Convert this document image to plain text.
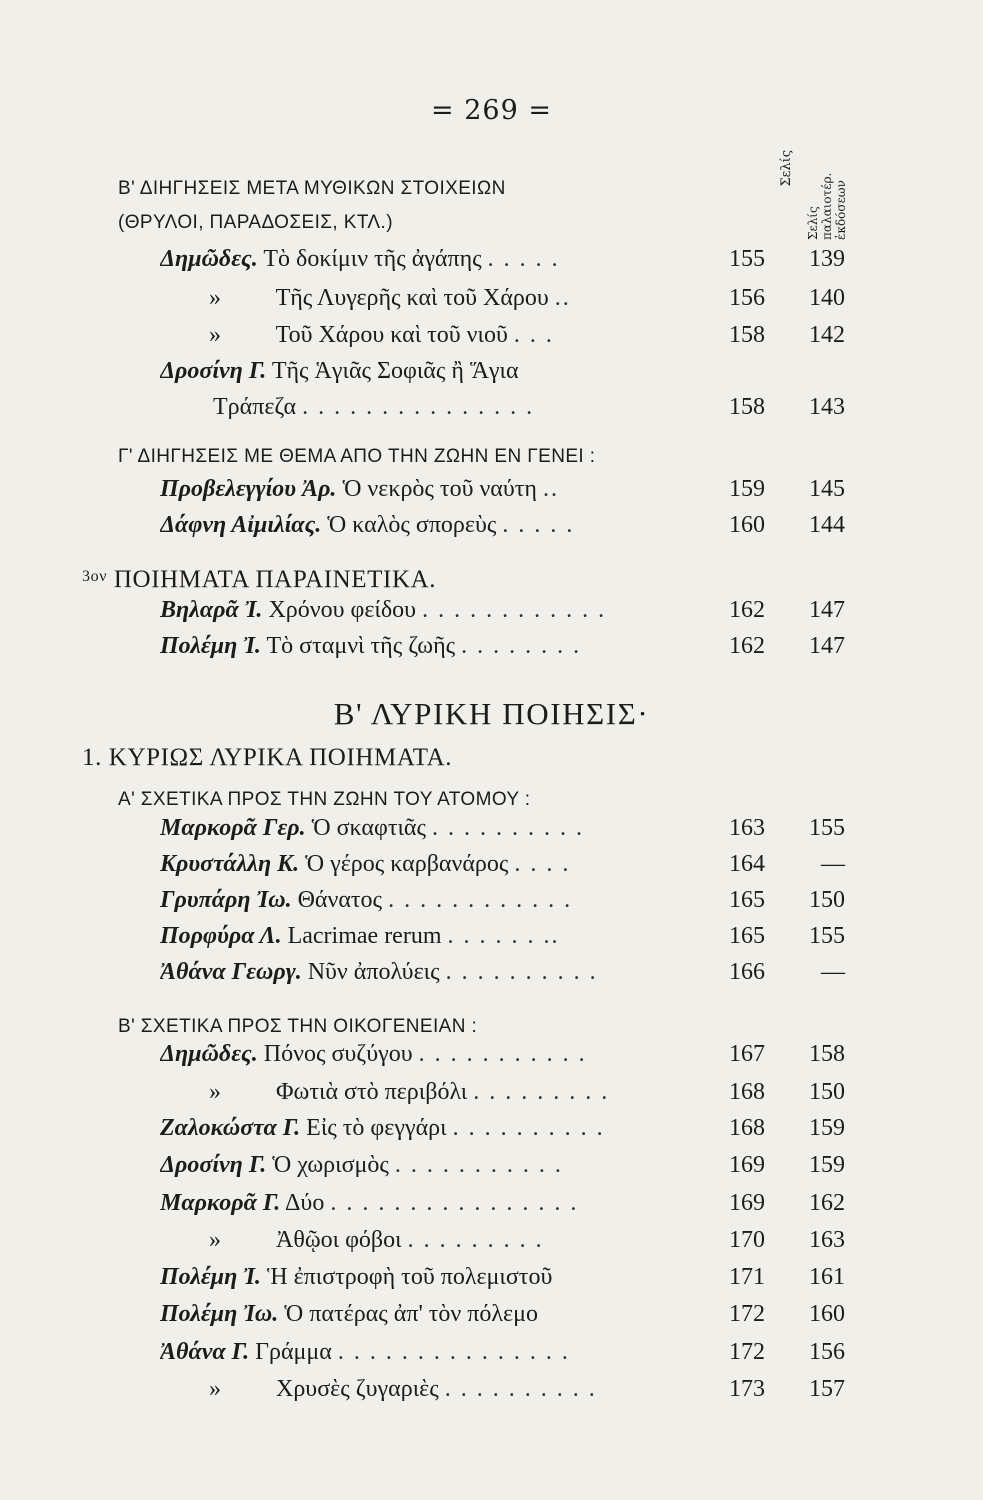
= 269 =
Σελίς
Σελίς παλαιοτέρ. ἐκδόσεων
Β' ΔΙΗΓΗΣΕΙΣ ΜΕΤΑ ΜΥΘΙΚΩΝ ΣΤΟΙΧΕΙΩΝ
(ΘΡΥΛΟΙ, ΠΑΡΑΔΟΣΕΙΣ, ΚΤΛ.)
Δημῶδες. Τὸ δοκίμιν τῆς ἀγάπης . . . . .	155	139
» Τῆς Λυγερῆς καὶ τοῦ Χάρου ..	156	140
» Τοῦ Χάρου καὶ τοῦ νιοῦ . . .	158	142
Δροσίνη Γ. Τῆς Ἁγιᾶς Σοφιᾶς ἢ Ἅγια
Τράπεζα . . . . . . . . . . . . . . .	158	143
Γ' ΔΙΗΓΗΣΕΙΣ ΜΕ ΘΕΜΑ ΑΠΟ ΤΗΝ ΖΩΗΝ ΕΝ ΓΕΝΕΙ :
Προβελεγγίου Ἀρ. Ὁ νεκρὸς τοῦ ναύτη ..	159	145
Δάφνη Αἰμιλίας. Ὁ καλὸς σπορεὺς . . . . .	160	144
$^{3o\nu}$ ΠΟΙΗΜΑΤΑ ΠΑΡΑΙΝΕΤΙΚΑ.
Βηλαρᾶ Ἰ. Χρόνου φείδου . . . . . . . . . . . .	162	147
Πολέμη Ἰ. Τὸ σταμνὶ τῆς ζωῆς . . . . . . . .	162	147
Β' ΛΥΡΙΚΗ ΠΟΙΗΣΙΣ·
1. ΚΥΡΙΩΣ ΛΥΡΙΚΑ ΠΟΙΗΜΑΤΑ.
Α' ΣΧΕΤΙΚΑ ΠΡΟΣ ΤΗΝ ΖΩΗΝ ΤΟΥ ΑΤΟΜΟΥ :
Μαρκορᾶ Γερ. Ὁ σκαφτιᾶς . . . . . . . . . .	163	155
Κρυστάλλη Κ. Ὁ γέρος καρβανάρος . . . .	164	—
Γρυπάρη Ἰω. Θάνατος . . . . . . . . . . . .	165	150
Πορφύρα Λ. Lacrimae rerum . . . . . . ..	165	155
Ἀθάνα Γεωργ. Νῦν ἀπολύεις . . . . . . . . . .	166	—
Β' ΣΧΕΤΙΚΑ ΠΡΟΣ ΤΗΝ ΟΙΚΟΓΕΝΕΙΑΝ :
Δημῶδες. Πόνος συζύγου . . . . . . . . . . .	167	158
» Φωτιὰ στὸ περιβόλι . . . . . . . . .	168	150
Ζαλοκώστα Γ. Εἰς τὸ φεγγάρι . . . . . . . . . .	168	159
Δροσίνη Γ. Ὁ χωρισμὸς . . . . . . . . . . .	169	159
Μαρκορᾶ Γ. Δύο . . . . . . . . . . . . . . . .	169	162
» Ἀθῷοι φόβοι . . . . . . . . .	170	163
Πολέμη Ἰ. Ἡ ἐπιστροφὴ τοῦ πολεμιστοῦ	171	161
Πολέμη Ἰω. Ὁ πατέρας ἀπ' τὸν πόλεμο	172	160
Ἀθάνα Γ. Γράμμα . . . . . . . . . . . . . . .	172	156
» Χρυσὲς ζυγαριὲς . . . . . . . . . .	173	157
